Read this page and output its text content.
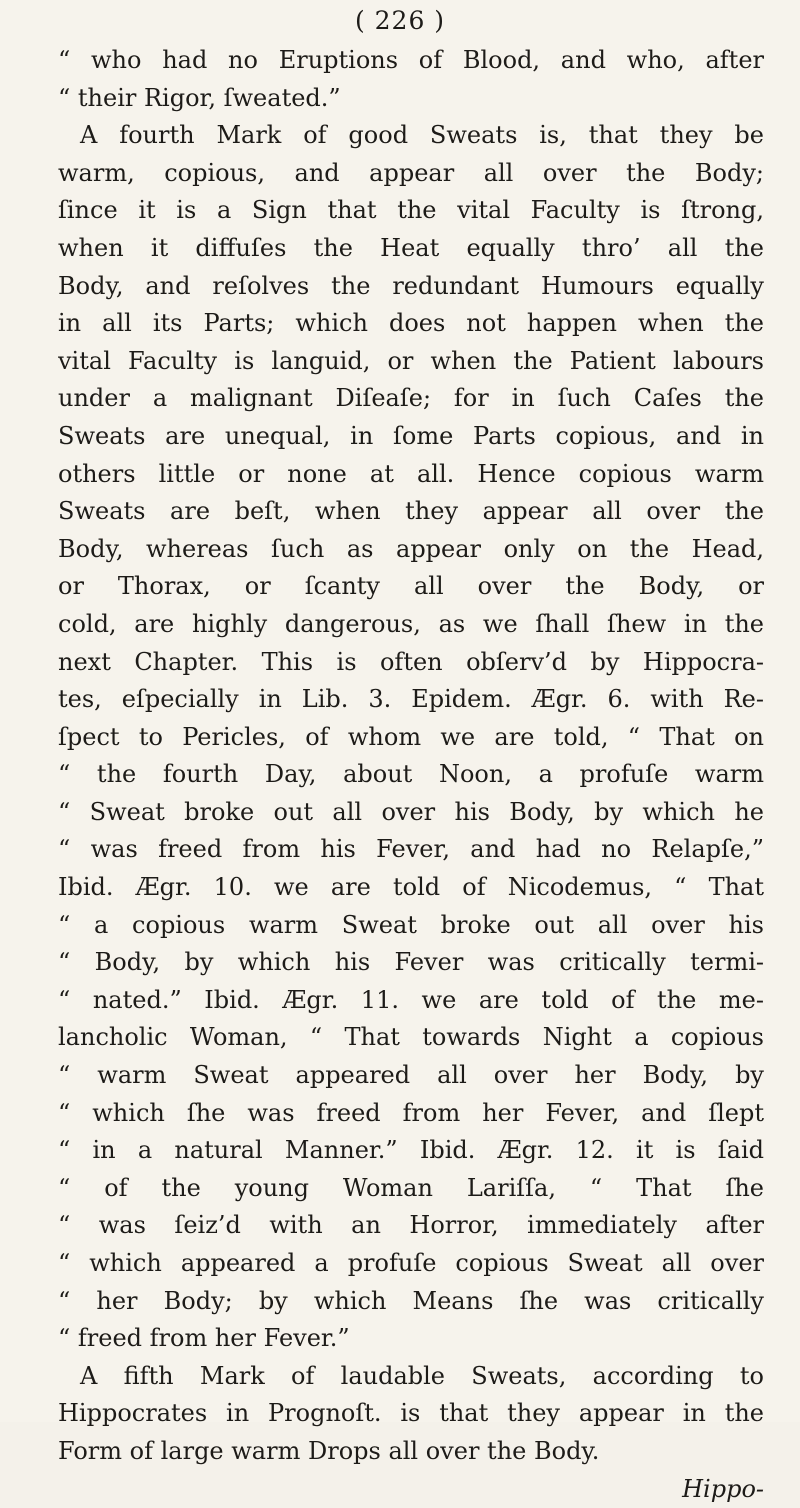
( 226 )
“ who had no Eruptions of Blood, and who, after
“ their Rigor, ſweated.”
A fourth Mark of good Sweats is, that they be
warm, copious, and appear all over the Body;
ſince it is a Sign that the vital Faculty is ſtrong,
when it diffuſes the Heat equally thro’ all the
Body, and reſolves the redundant Humours equally
in all its Parts; which does not happen when the
vital Faculty is languid, or when the Patient labours
under a malignant Diſeaſe; for in ſuch Caſes the
Sweats are unequal, in ſome Parts copious, and in
others little or none at all. Hence copious warm
Sweats are beſt, when they appear all over the
Body, whereas ſuch as appear only on the Head,
or Thorax, or ſcanty all over the Body, or
cold, are highly dangerous, as we ſhall ſhew in the
next Chapter. This is often obſerv’d by Hippocra-
tes, eſpecially in Lib. 3. Epidem. Ægr. 6. with Re-
ſpect to Pericles, of whom we are told, “ That on
“ the fourth Day, about Noon, a profuſe warm
“ Sweat broke out all over his Body, by which he
“ was freed from his Fever, and had no Relapſe,”
Ibid. Ægr. 10. we are told of Nicodemus, “ That
“ a copious warm Sweat broke out all over his
“ Body, by which his Fever was critically termi-
“ nated.” Ibid. Ægr. 11. we are told of the me-
lancholic Woman, “ That towards Night a copious
“ warm Sweat appeared all over her Body, by
“ which ſhe was freed from her Fever, and ſlept
“ in a natural Manner.” Ibid. Ægr. 12. it is ſaid
“ of the young Woman Lariſſa, “ That ſhe
“ was ſeiz’d with an Horror, immediately after
“ which appeared a profuſe copious Sweat all over
“ her Body; by which Means ſhe was critically
“ freed from her Fever.”
A fifth Mark of laudable Sweats, according to
Hippocrates in Prognoſt. is that they appear in the
Form of large warm Drops all over the Body.
Hippo-
